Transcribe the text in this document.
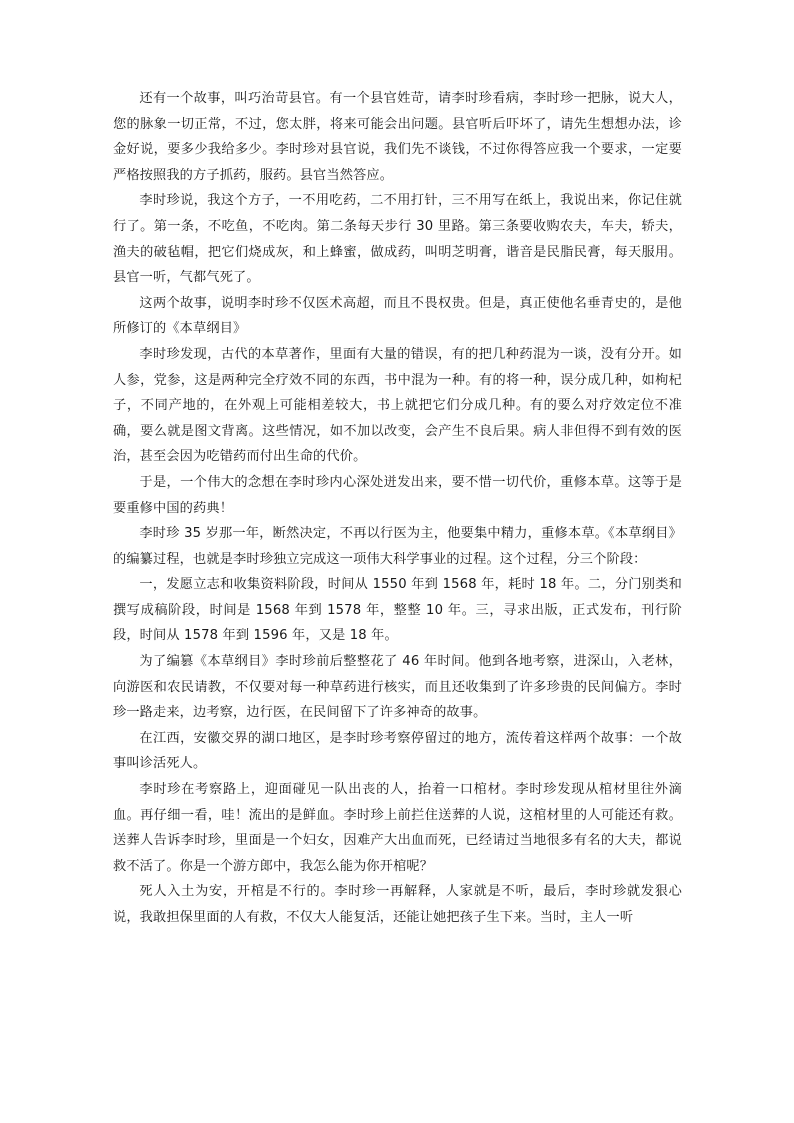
还有一个故事，叫巧治苛县官。有一个县官姓苛，请李时珍看病，李时珍一把脉，说大人，您的脉象一切正常，不过，您太胖，将来可能会出问题。县官听后吓坏了，请先生想想办法，诊金好说，要多少我给多少。李时珍对县官说，我们先不谈钱，不过你得答应我一个要求，一定要严格按照我的方子抓药，服药。县官当然答应。

李时珍说，我这个方子，一不用吃药，二不用打针，三不用写在纸上，我说出来，你记住就行了。第一条，不吃鱼，不吃肉。第二条每天步行 30 里路。第三条要收购农夫，车夫，轿夫，渔夫的破毡帽，把它们烧成灰，和上蜂蜜，做成药，叫明芝明膏，谐音是民脂民膏，每天服用。县官一听，气都气死了。

这两个故事，说明李时珍不仅医术高超，而且不畏权贵。但是，真正使他名垂青史的，是他所修订的《本草纲目》

李时珍发现，古代的本草著作，里面有大量的错误，有的把几种药混为一谈，没有分开。如人参，党参，这是两种完全疗效不同的东西，书中混为一种。有的将一种，误分成几种，如枸杞子，不同产地的，在外观上可能相差较大，书上就把它们分成几种。有的要么对疗效定位不准确，要么就是图文背离。这些情况，如不加以改变，会产生不良后果。病人非但得不到有效的医治，甚至会因为吃错药而付出生命的代价。

于是，一个伟大的念想在李时珍内心深处迸发出来，要不惜一切代价，重修本草。这等于是要重修中国的药典！

李时珍 35 岁那一年，断然决定，不再以行医为主，他要集中精力，重修本草。《本草纲目》的编纂过程，也就是李时珍独立完成这一项伟大科学事业的过程。这个过程，分三个阶段：

一，发愿立志和收集资料阶段，时间从 1550 年到 1568 年，耗时 18 年。二，分门别类和撰写成稿阶段，时间是 1568 年到 1578 年，整整 10 年。三，寻求出版，正式发布，刊行阶段，时间从 1578 年到 1596 年，又是 18 年。

为了编篡《本草纲目》李时珍前后整整花了 46 年时间。他到各地考察，进深山，入老林，向游医和农民请教，不仅要对每一种草药进行核实，而且还收集到了许多珍贵的民间偏方。李时珍一路走来，边考察，边行医，在民间留下了许多神奇的故事。

在江西，安徽交界的湖口地区，是李时珍考察停留过的地方，流传着这样两个故事：一个故事叫诊活死人。

李时珍在考察路上，迎面碰见一队出丧的人，抬着一口棺材。李时珍发现从棺材里往外滴血。再仔细一看，哇！流出的是鲜血。李时珍上前拦住送葬的人说，这棺材里的人可能还有救。送葬人告诉李时珍，里面是一个妇女，因难产大出血而死，已经请过当地很多有名的大夫，都说救不活了。你是一个游方郎中，我怎么能为你开棺呢？

死人入土为安，开棺是不行的。李时珍一再解释，人家就是不听，最后，李时珍就发狠心说，我敢担保里面的人有救，不仅大人能复活，还能让她把孩子生下来。当时，主人一听
